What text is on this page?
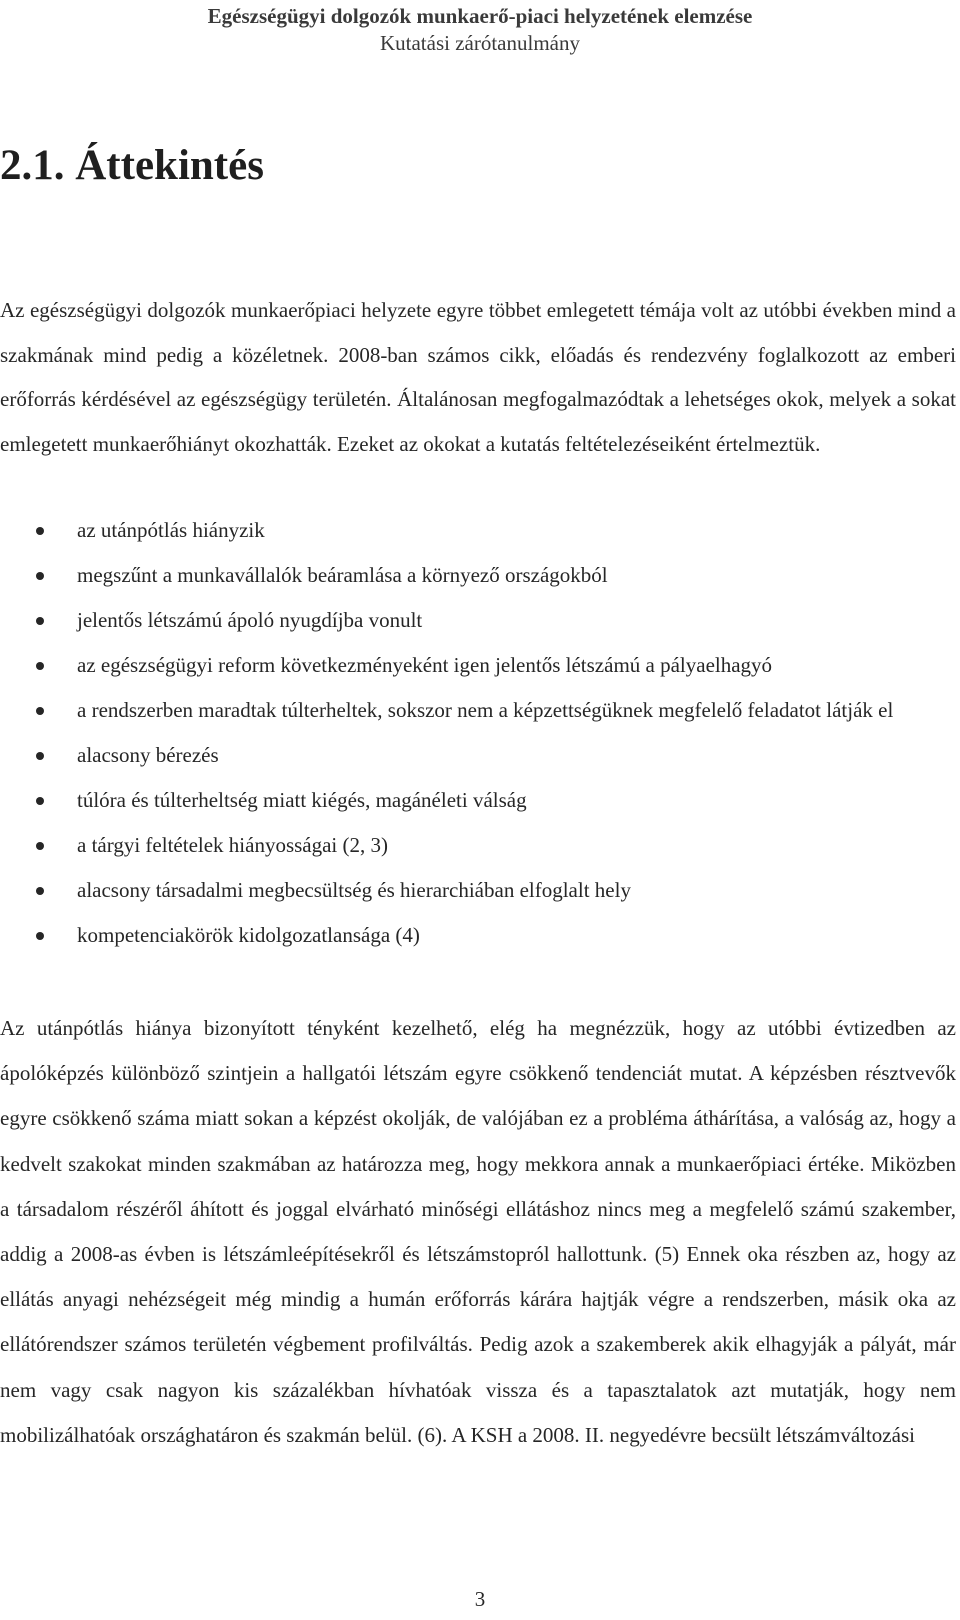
Egészségügyi dolgozók munkaerő-piaci helyzetének elemzése
Kutatási zárótanulmány
2.1. Áttekintés

Az egészségügyi dolgozók munkaerőpiaci helyzete egyre többet emlegetett témája volt az utóbbi években mind a szakmának mind pedig a közéletnek. 2008-ban számos cikk, előadás és rendezvény foglalkozott az emberi erőforrás kérdésével az egészségügy területén. Általánosan megfogalmazódtak a lehetséges okok, melyek a sokat emlegetett munkaerőhiányt okozhatták. Ezeket az okokat a kutatás feltételezéseiként értelmeztük.

az utánpótlás hiányzik
megszűnt a munkavállalók beáramlása a környező országokból
jelentős létszámú ápoló nyugdíjba vonult
az egészségügyi reform következményeként igen jelentős létszámú a pályaelhagyó
a rendszerben maradtak túlterheltek, sokszor nem a képzettségüknek megfelelő feladatot látják el
alacsony bérezés
túlóra és túlterheltség miatt kiégés, magánéleti válság
a tárgyi feltételek hiányosságai (2, 3)
alacsony társadalmi megbecsültség és hierarchiában elfoglalt hely
kompetenciakörök kidolgozatlansága (4)

Az utánpótlás hiánya bizonyított tényként kezelhető, elég ha megnézzük, hogy az utóbbi évtizedben az ápolóképzés különböző szintjein a hallgatói létszám egyre csökkenő tendenciát mutat. A képzésben résztvevők egyre csökkenő száma miatt sokan a képzést okolják, de valójában ez a probléma áthárítása, a valóság az, hogy a kedvelt szakokat minden szakmában az határozza meg, hogy mekkora annak a munkaerőpiaci értéke. Miközben a társadalom részéről áhított és joggal elvárható minőségi ellátáshoz nincs meg a megfelelő számú szakember, addig a 2008-as évben is létszámleépítésekről és létszámstopról hallottunk. (5) Ennek oka részben az, hogy az ellátás anyagi nehézségeit még mindig a humán erőforrás kárára hajtják végre a rendszerben, másik oka az ellátórendszer számos területén végbement profilváltás. Pedig azok a szakemberek akik elhagyják a pályát, már nem vagy csak nagyon kis százalékban hívhatóak vissza és a tapasztalatok azt mutatják, hogy nem mobilizálhatóak országhatáron és szakmán belül. (6). A KSH a 2008. II. negyedévre becsült létszámváltozási

3
